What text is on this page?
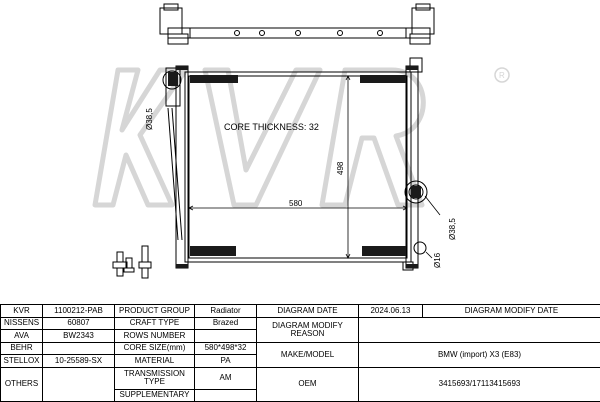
R
CORE THICKNESS: 32
580
498
Ø38,5
Ø38,5
Ø16
KVR	1100212-PAB	PRODUCT GROUP	Radiator	DIAGRAM DATE	2024.06.13	DIAGRAM MODIFY DATE
NISSENS	60807	CRAFT TYPE	Brazed	DIAGRAM MODIFY REASON		
AVA	BW2343	ROWS NUMBER				
BEHR		CORE SIZE(mm)	580*498*32	MAKE/MODEL	BMW (import) X3 (E83)	
STELLOX	10-25589-SX	MATERIAL	PA			
OTHERS		TRANSMISSION TYPE	AM	OEM	3415693/17113415693	
		SUPPLEMENTARY				
